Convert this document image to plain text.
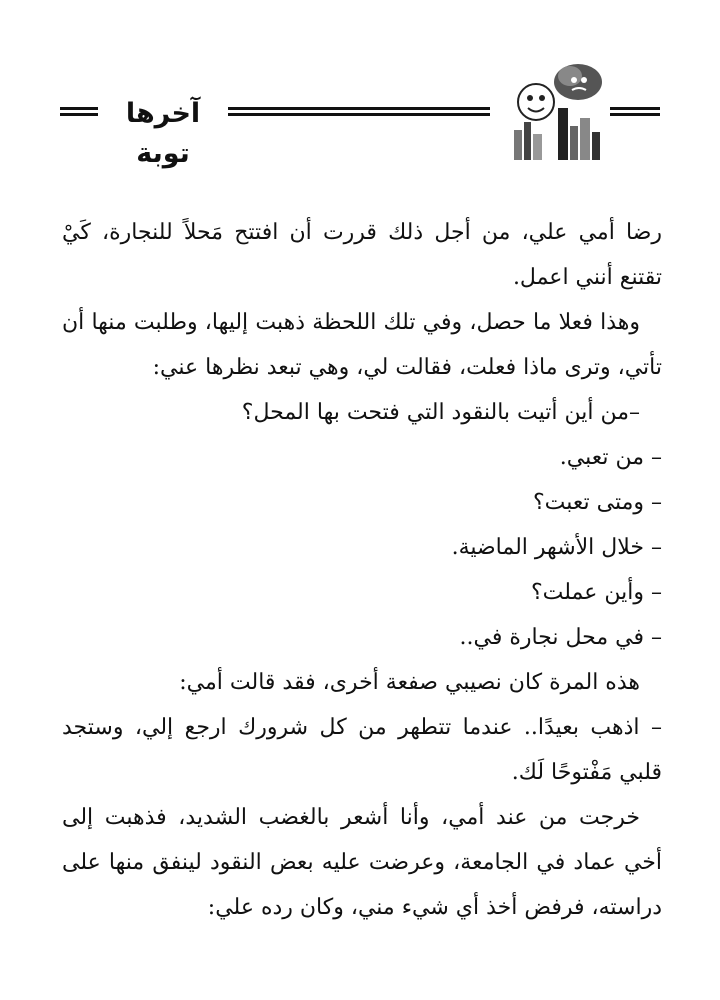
آخرها توبة

رضا أمي علي، من أجل ذلك قررت أن افتتح مَحلاً للنجارة، كَيْ تقتنع أنني اعمل.

وهذا فعلا ما حصل، وفي تلك اللحظة ذهبت إليها، وطلبت منها أن تأتي، وترى ماذا فعلت، فقالت لي، وهي تبعد نظرها عني:

–من أين أتيت بالنقود التي فتحت بها المحل؟

– من تعبي.

– ومتى تعبت؟

– خلال الأشهر الماضية.

– وأين عملت؟

– في محل نجارة في..

هذه المرة كان نصيبي صفعة أخرى، فقد قالت أمي:

– اذهب بعيدًا.. عندما تتطهر من كل شرورك ارجع إلي، وستجد قلبي مَفْتوحًا لَك.

خرجت من عند أمي، وأنا أشعر بالغضب الشديد، فذهبت إلى أخي عماد في الجامعة، وعرضت عليه بعض النقود لينفق منها على دراسته، فرفض أخذ أي شيء مني، وكان رده علي:
